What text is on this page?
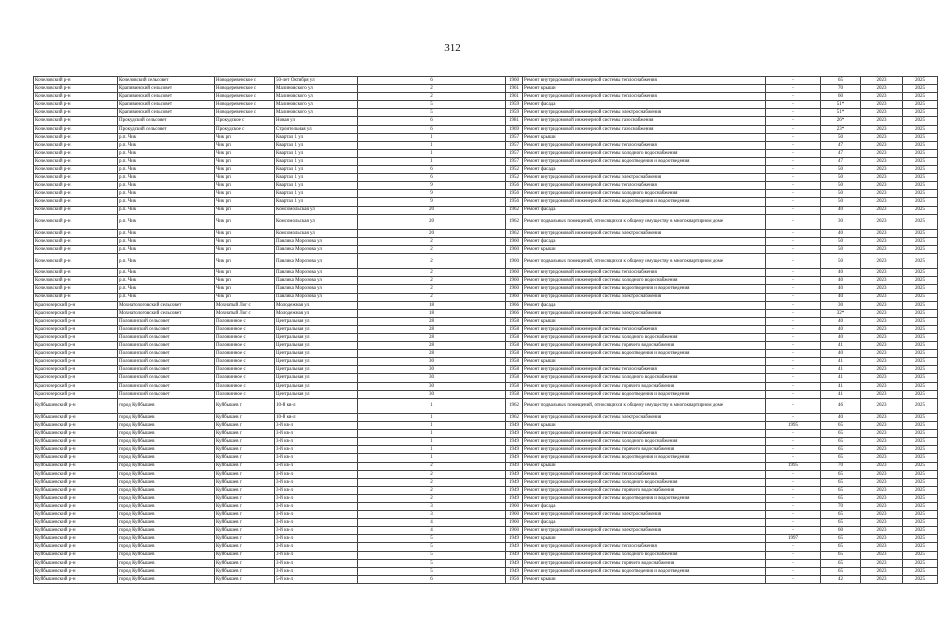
312
Кочеловский р-н	Кочеловский сельсовет	Новодеревенское с	50-лет Октября ул	6	1960	Ремонт внутридомовой инженерной системы теплоснабжения	-	65	2023	2025
Кочеловский р-н	Крапивинский сельсовет	Новодеревенское с	Малиновского ул	2	1961	Ремонт крыши	-	70	2023	2025
Кочеловский р-н	Крапивинский сельсовет	Новодеревенское с	Малиновского ул	2	1961	Ремонт внутридомовой инженерной системы теплоснабжения	-	60	2023	2025
Кочеловский р-н	Крапивинский сельсовет	Новодеревенское с	Малиновского ул	5	1959	Ремонт фасада	-	51*	2023	2025
Кочеловский р-н	Крапивинский сельсовет	Новодеревенское с	Малиновского ул	5	1959	Ремонт внутридомовой инженерной системы электроснабжения	-	51*	2023	2025
Кочеловский р-н	Прокудский сельсовет	Прокудское с	Новая ул	6	1981	Ремонт внутридомовой инженерной системы газоснабжения	-	26*	2023	2025
Кочеловский р-н	Прокудский сельсовет	Прокудское с	Строительная ул	6	1969	Ремонт внутридомовой инженерной системы газоснабжения	-	23*	2023	2025
Кочеловский р-н	р.п. Чик	Чик рп	Квартал 1 ул	1	1957	Ремонт крыши	-	50	2023	2025
Кочеловский р-н	р.п. Чик	Чик рп	Квартал 1 ул	1	1957	Ремонт внутридомовой инженерной системы теплоснабжения	-	47	2023	2025
Кочеловский р-н	р.п. Чик	Чик рп	Квартал 1 ул	1	1957	Ремонт внутридомовой инженерной системы холодного водоснабжения	-	47	2023	2025
Кочеловский р-н	р.п. Чик	Чик рп	Квартал 1 ул	1	1957	Ремонт внутридомовой инженерной системы водоотведения и водоотведения	-	47	2023	2025
Кочеловский р-н	р.п. Чик	Чик рп	Квартал 1 ул	6	1952	Ремонт фасада	-	50	2023	2025
Кочеловский р-н	р.п. Чик	Чик рп	Квартал 1 ул	6	1952	Ремонт внутридомовой инженерной системы электроснабжения	-	50	2023	2025
Кочеловский р-н	р.п. Чик	Чик рп	Квартал 1 ул	9	1956	Ремонт внутридомовой инженерной системы теплоснабжения	-	50	2023	2025
Кочеловский р-н	р.п. Чик	Чик рп	Квартал 1 ул	9	1956	Ремонт внутридомовой инженерной системы холодного водоснабжения	-	50	2023	2025
Кочеловский р-н	р.п. Чик	Чик рп	Квартал 1 ул	9	1956	Ремонт внутридомовой инженерной системы водоотведения и водоотведения	-	50	2023	2025
Кочеловский р-н	р.п. Чик	Чик рп	Комсомольская ул	20	1962	Ремонт фасада	-	40	2023	2025
Кочеловский р-н	р.п. Чик	Чик рп	Комсомольская ул	20	1962	Ремонт подвальных помещений, относящихся к общему имуществу в многоквартирном доме	-	30	2023	2025
Кочеловский р-н	р.п. Чик	Чик рп	Комсомольская ул	20	1962	Ремонт внутридомовой инженерной системы электроснабжения	-	40	2023	2025
Кочеловский р-н	р.п. Чик	Чик рп	Павлика Морозова ул	2	1960	Ремонт фасада	-	50	2023	2025
Кочеловский р-н	р.п. Чик	Чик рп	Павлика Морозова ул	2	1960	Ремонт крыши	-	50	2023	2025
Кочеловский р-н	р.п. Чик	Чик рп	Павлика Морозова ул	2	1960	Ремонт подвальных помещений, относящихся к общему имуществу в многоквартирном доме	-	50	2023	2025
Кочеловский р-н	р.п. Чик	Чик рп	Павлика Морозова ул	2	1960	Ремонт внутридомовой инженерной системы теплоснабжения	-	40	2023	2025
Кочеловский р-н	р.п. Чик	Чик рп	Павлика Морозова ул	2	1960	Ремонт внутридомовой инженерной системы холодного водоснабжения	-	40	2023	2025
Кочеловский р-н	р.п. Чик	Чик рп	Павлика Морозова ул	2	1960	Ремонт внутридомовой инженерной системы водоотведения и водоотведения	-	40	2023	2025
Кочеловский р-н	р.п. Чик	Чик рп	Павлика Морозова ул	2	1960	Ремонт внутридомовой инженерной системы электроснабжения	-	40	2023	2025
Краснозерский р-н	Мохнатологовский сельсовет	Мохнатый Лог с	Молодежная ул	18	1966	Ремонт фасада	-	30	2023	2025
Краснозерский р-н	Мохнатологовский сельсовет	Мохнатый Лог с	Молодежная ул	18	1966	Ремонт внутридомовой инженерной системы электроснабжения	-	32*	2023	2025
Краснозерский р-н	Половинский сельсовет	Половинное с	Центральная ул	28	1958	Ремонт крыши	-	40	2023	2025
Краснозерский р-н	Половинский сельсовет	Половинное с	Центральная ул	28	1958	Ремонт внутридомовой инженерной системы теплоснабжения	-	40	2023	2025
Краснозерский р-н	Половинский сельсовет	Половинное с	Центральная ул	28	1958	Ремонт внутридомовой инженерной системы холодного водоснабжения	-	40	2023	2025
Краснозерский р-н	Половинский сельсовет	Половинное с	Центральная ул	28	1958	Ремонт внутридомовой инженерной системы горячего водоснабжения	-	41	2023	2025
Краснозерский р-н	Половинский сельсовет	Половинное с	Центральная ул	28	1958	Ремонт внутридомовой инженерной системы водоотведения и водоотведения	-	40	2023	2025
Краснозерский р-н	Половинский сельсовет	Половинное с	Центральная ул	30	1958	Ремонт крыши	-	41	2023	2025
Краснозерский р-н	Половинский сельсовет	Половинное с	Центральная ул	30	1958	Ремонт внутридомовой инженерной системы теплоснабжения	-	41	2023	2025
Краснозерский р-н	Половинский сельсовет	Половинное с	Центральная ул	30	1958	Ремонт внутридомовой инженерной системы холодного водоснабжения	-	41	2023	2025
Краснозерский р-н	Половинский сельсовет	Половинное с	Центральная ул	30	1958	Ремонт внутридомовой инженерной системы горячего водоснабжения	-	41	2023	2025
Краснозерский р-н	Половинский сельсовет	Половинное с	Центральная ул	30	1958	Ремонт внутридомовой инженерной системы водоотведения и водоотведения	-	41	2023	2025
Куйбышевский р-н	город Куйбышев	Куйбышев г	10-й кв-л	1	1962	Ремонт подвальных помещений, относящихся к общему имуществу в многоквартирном доме	-	46	2023	2025
Куйбышевский р-н	город Куйбышев	Куйбышев г	10-й кв-л	1	1962	Ремонт внутридомовой инженерной системы электроснабжения	-	40	2023	2025
Куйбышевский р-н	город Куйбышев	Куйбышев г	3-й кв-л	1	1949	Ремонт крыши	1995	65	2023	2025
Куйбышевский р-н	город Куйбышев	Куйбышев г	3-й кв-л	1	1949	Ремонт внутридомовой инженерной системы теплоснабжения	-	65	2023	2025
Куйбышевский р-н	город Куйбышев	Куйбышев г	3-й кв-л	1	1949	Ремонт внутридомовой инженерной системы холодного водоснабжения	-	65	2023	2025
Куйбышевский р-н	город Куйбышев	Куйбышев г	3-й кв-л	1	1949	Ремонт внутридомовой инженерной системы горячего водоснабжения	-	65	2023	2025
Куйбышевский р-н	город Куйбышев	Куйбышев г	3-й кв-л	1	1949	Ремонт внутридомовой инженерной системы водоотведения и водоотведения	-	65	2023	2025
Куйбышевский р-н	город Куйбышев	Куйбышев г	3-й кв-л	2	1949	Ремонт крыши	1995	70	2023	2025
Куйбышевский р-н	город Куйбышев	Куйбышев г	3-й кв-л	2	1949	Ремонт внутридомовой инженерной системы теплоснабжения	-	65	2023	2025
Куйбышевский р-н	город Куйбышев	Куйбышев г	3-й кв-л	2	1949	Ремонт внутридомовой инженерной системы холодного водоснабжения	-	65	2023	2025
Куйбышевский р-н	город Куйбышев	Куйбышев г	3-й кв-л	2	1949	Ремонт внутридомовой инженерной системы горячего водоснабжения	-	65	2023	2025
Куйбышевский р-н	город Куйбышев	Куйбышев г	3-й кв-л	2	1949	Ремонт внутридомовой инженерной системы водоотведения и водоотведения	-	65	2023	2025
Куйбышевский р-н	город Куйбышев	Куйбышев г	3-й кв-л	3	1960	Ремонт фасада	-	70	2023	2025
Куйбышевский р-н	город Куйбышев	Куйбышев г	3-й кв-л	3	1960	Ремонт внутридомовой инженерной системы электроснабжения	-	65	2023	2025
Куйбышевский р-н	город Куйбышев	Куйбышев г	3-й кв-л	4	1960	Ремонт фасада	-	65	2023	2025
Куйбышевский р-н	город Куйбышев	Куйбышев г	3-й кв-л	4	1960	Ремонт внутридомовой инженерной системы электроснабжения	-	60	2023	2025
Куйбышевский р-н	город Куйбышев	Куйбышев г	3-й кв-л	5	1949	Ремонт крыши	1997	65	2023	2025
Куйбышевский р-н	город Куйбышев	Куйбышев г	3-й кв-л	5	1949	Ремонт внутридомовой инженерной системы теплоснабжения	-	65	2023	2025
Куйбышевский р-н	город Куйбышев	Куйбышев г	3-й кв-л	5	1949	Ремонт внутридомовой инженерной системы холодного водоснабжения	-	65	2023	2025
Куйбышевский р-н	город Куйбышев	Куйбышев г	3-й кв-л	5	1949	Ремонт внутридомовой инженерной системы горячего водоснабжения	-	65	2023	2025
Куйбышевский р-н	город Куйбышев	Куйбышев г	3-й кв-л	5	1949	Ремонт внутридомовой инженерной системы водоотведения и водоотведения	-	65	2023	2025
Куйбышевский р-н	город Куйбышев	Куйбышев г	5-й кв-л	6	1956	Ремонт крыши	-	42	2023	2025
